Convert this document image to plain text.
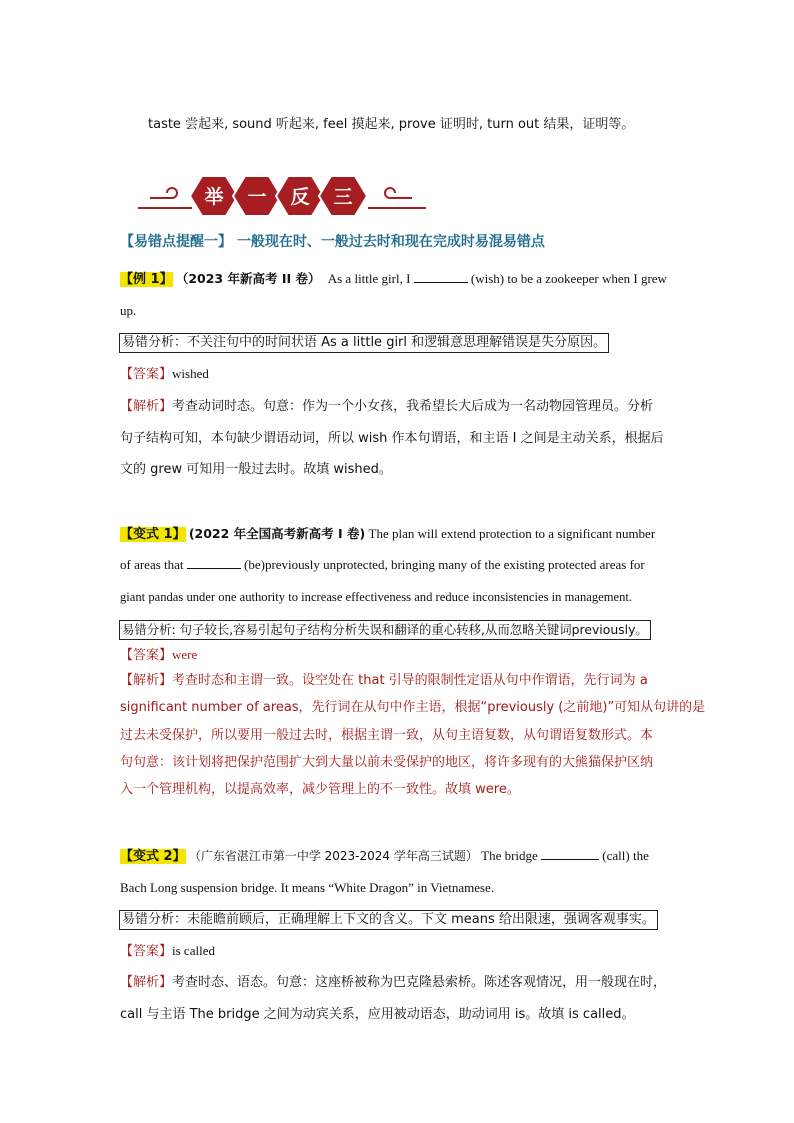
taste 尝起来, sound 听起来, feel 摸起来, prove 证明时, turn out 结果，证明等。
举 一 反 三
【易错点提醒一】 一般现在时、一般过去时和现在完成时易混易错点
【例 1】 （2023 年新高考 II 卷） As a little girl, I	(wish) to be a zookeeper when I grew
up.
易错分析：不关注句中的时间状语 As a little girl 和逻辑意思理解错误是失分原因。
【答案】wished
【解析】考查动词时态。句意：作为一个小女孩，我希望长大后成为一名动物园管理员。分析
句子结构可知，本句缺少谓语动词，所以 wish 作本句谓语，和主语 I 之间是主动关系，根据后
文的 grew 可知用一般过去时。故填 wished。
【变式 1】 (2022 年全国高考新高考 I 卷) The plan will extend protection to a significant number
of areas that	(be)previously unprotected, bringing many of the existing protected areas for
giant pandas under one authority to increase effectiveness and reduce inconsistencies in management.
易错分析: 句子较长,容易引起句子结构分析失误和翻译的重心转移,从而忽略关键词previously。
【答案】were
【解析】考查时态和主谓一致。设空处在 that 引导的限制性定语从句中作谓语，先行词为 a
significant number of areas，先行词在从句中作主语，根据“previously (之前地)”可知从句讲的是
过去未受保护，所以要用一般过去时，根据主谓一致，从句主语复数，从句谓语复数形式。本
句句意：该计划将把保护范围扩大到大量以前未受保护的地区，将许多现有的大熊猫保护区纳
入一个管理机构，以提高效率，减少管理上的不一致性。故填 were。
【变式 2】 （广东省湛江市第一中学 2023-2024 学年高三试题） The bridge	(call) the
Bach Long suspension bridge. It means “White Dragon” in Vietnamese.
易错分析：未能瞻前顾后，正确理解上下文的含义。下文 means 给出限速，强调客观事实。
【答案】is called
【解析】考查时态、语态。句意：这座桥被称为巴克隆悬索桥。陈述客观情况，用一般现在时，
call 与主语 The bridge 之间为动宾关系，应用被动语态，助动词用 is。故填 is called。
